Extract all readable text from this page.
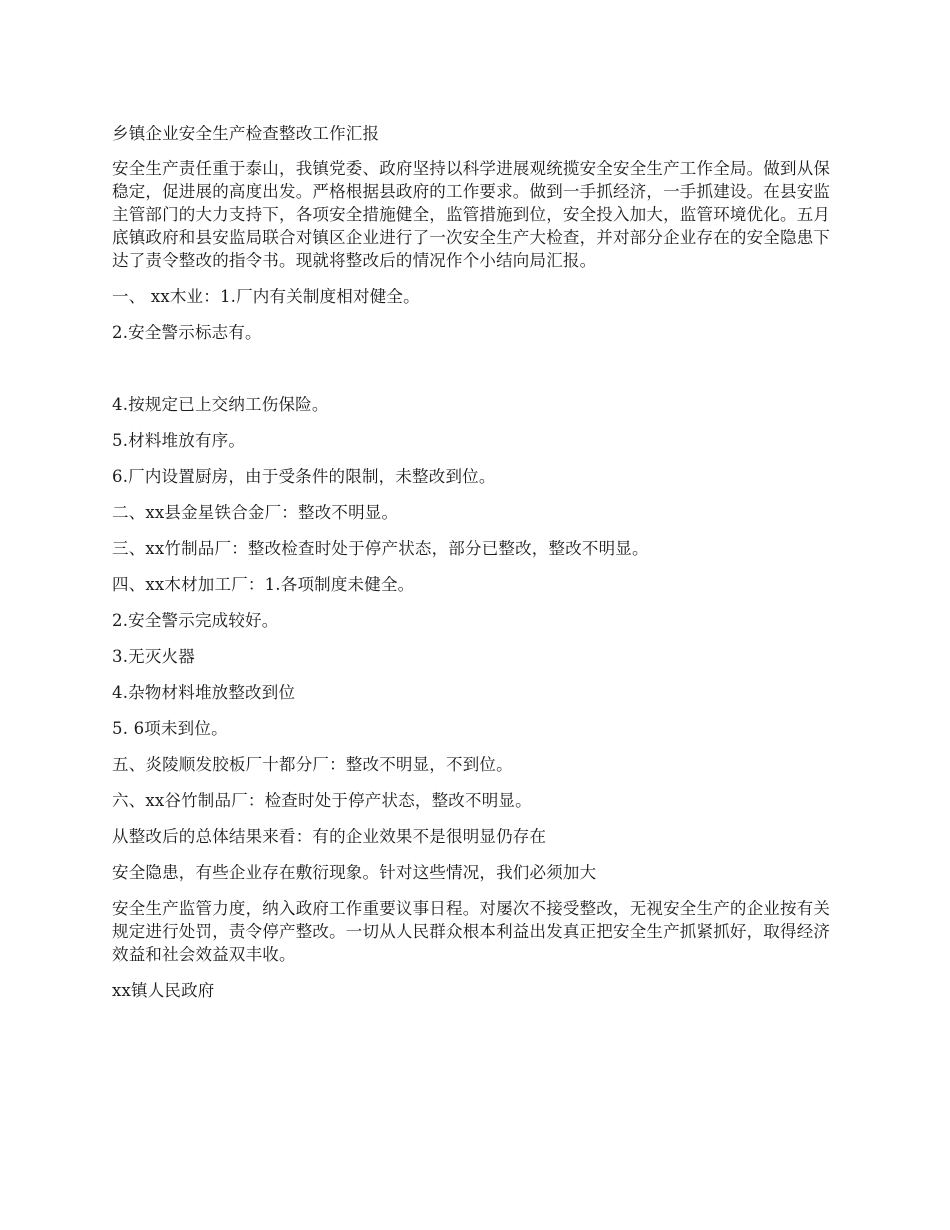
乡镇企业安全生产检查整改工作汇报

安全生产责任重于泰山，我镇党委、政府坚持以科学进展观统揽安全安全生产工作全局。做到从保稳定，促进展的高度出发。严格根据县政府的工作要求。做到一手抓经济，一手抓建设。在县安监主管部门的大力支持下，各项安全措施健全，监管措施到位，安全投入加大，监管环境优化。五月底镇政府和县安监局联合对镇区企业进行了一次安全生产大检查，并对部分企业存在的安全隐患下达了责令整改的指令书。现就将整改后的情况作个小结向局汇报。

一、 xx木业：1.厂内有关制度相对健全。

2.安全警示标志有。

4.按规定已上交纳工伤保险。

5.材料堆放有序。

6.厂内设置厨房，由于受条件的限制，未整改到位。

二、xx县金星铁合金厂：整改不明显。

三、xx竹制品厂：整改检查时处于停产状态，部分已整改，整改不明显。

四、xx木材加工厂：1.各项制度未健全。

2.安全警示完成较好。

3.无灭火器

4.杂物材料堆放整改到位

5. 6项未到位。

五、炎陵顺发胶板厂十都分厂：整改不明显，不到位。

六、xx谷竹制品厂：检查时处于停产状态，整改不明显。

从整改后的总体结果来看：有的企业效果不是很明显仍存在

安全隐患，有些企业存在敷衍现象。针对这些情况，我们必须加大

安全生产监管力度，纳入政府工作重要议事日程。对屡次不接受整改，无视安全生产的企业按有关规定进行处罚，责令停产整改。一切从人民群众根本利益出发真正把安全生产抓紧抓好，取得经济效益和社会效益双丰收。

xx镇人民政府
